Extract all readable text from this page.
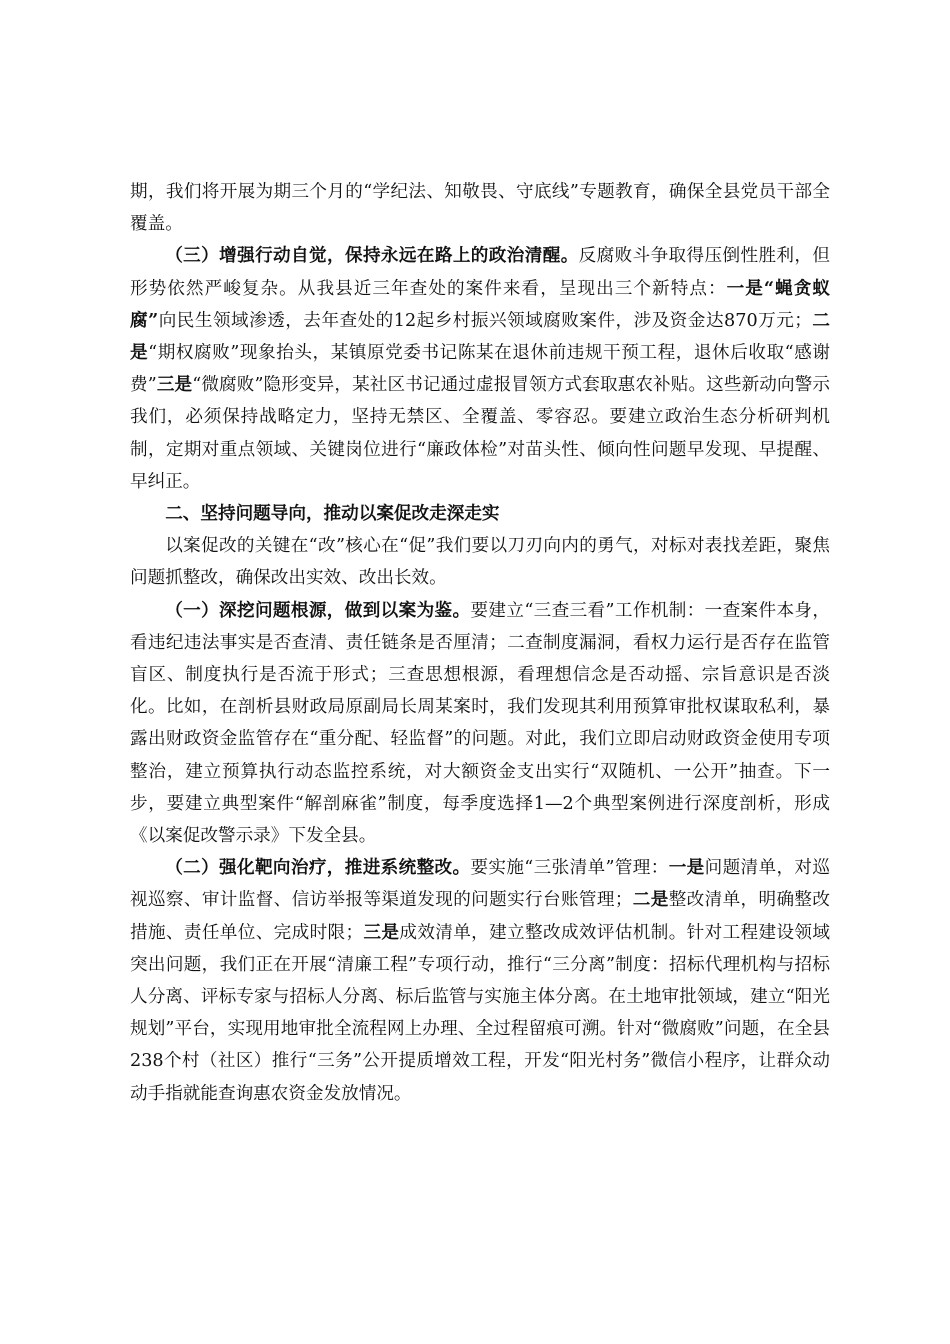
期，我们将开展为期三个月的“学纪法、知敬畏、守底线”专题教育，确保全县党员干部全覆盖。

（三）增强行动自觉，保持永远在路上的政治清醒。反腐败斗争取得压倒性胜利，但形势依然严峻复杂。从我县近三年查处的案件来看，呈现出三个新特点：一是“蝇贪蚁腐”向民生领域渗透，去年查处的12起乡村振兴领域腐败案件，涉及资金达870万元；二是“期权腐败”现象抬头，某镇原党委书记陈某在退休前违规干预工程，退休后收取“感谢费”三是“微腐败”隐形变异，某社区书记通过虚报冒领方式套取惠农补贴。这些新动向警示我们，必须保持战略定力，坚持无禁区、全覆盖、零容忍。要建立政治生态分析研判机制，定期对重点领域、关键岗位进行“廉政体检”对苗头性、倾向性问题早发现、早提醒、早纠正。

二、坚持问题导向，推动以案促改走深走实

以案促改的关键在“改”核心在“促”我们要以刀刃向内的勇气，对标对表找差距，聚焦问题抓整改，确保改出实效、改出长效。

（一）深挖问题根源，做到以案为鉴。要建立“三查三看”工作机制：一查案件本身，看违纪违法事实是否查清、责任链条是否厘清；二查制度漏洞，看权力运行是否存在监管盲区、制度执行是否流于形式；三查思想根源，看理想信念是否动摇、宗旨意识是否淡化。比如，在剖析县财政局原副局长周某案时，我们发现其利用预算审批权谋取私利，暴露出财政资金监管存在“重分配、轻监督”的问题。对此，我们立即启动财政资金使用专项整治，建立预算执行动态监控系统，对大额资金支出实行“双随机、一公开”抽查。下一步，要建立典型案件“解剖麻雀”制度，每季度选择1—2个典型案例进行深度剖析，形成《以案促改警示录》下发全县。

（二）强化靶向治疗，推进系统整改。要实施“三张清单”管理：一是问题清单，对巡视巡察、审计监督、信访举报等渠道发现的问题实行台账管理；二是整改清单，明确整改措施、责任单位、完成时限；三是成效清单，建立整改成效评估机制。针对工程建设领域突出问题，我们正在开展“清廉工程”专项行动，推行“三分离”制度：招标代理机构与招标人分离、评标专家与招标人分离、标后监管与实施主体分离。在土地审批领域，建立“阳光规划”平台，实现用地审批全流程网上办理、全过程留痕可溯。针对“微腐败”问题，在全县238个村（社区）推行“三务”公开提质增效工程，开发“阳光村务”微信小程序，让群众动动手指就能查询惠农资金发放情况。
